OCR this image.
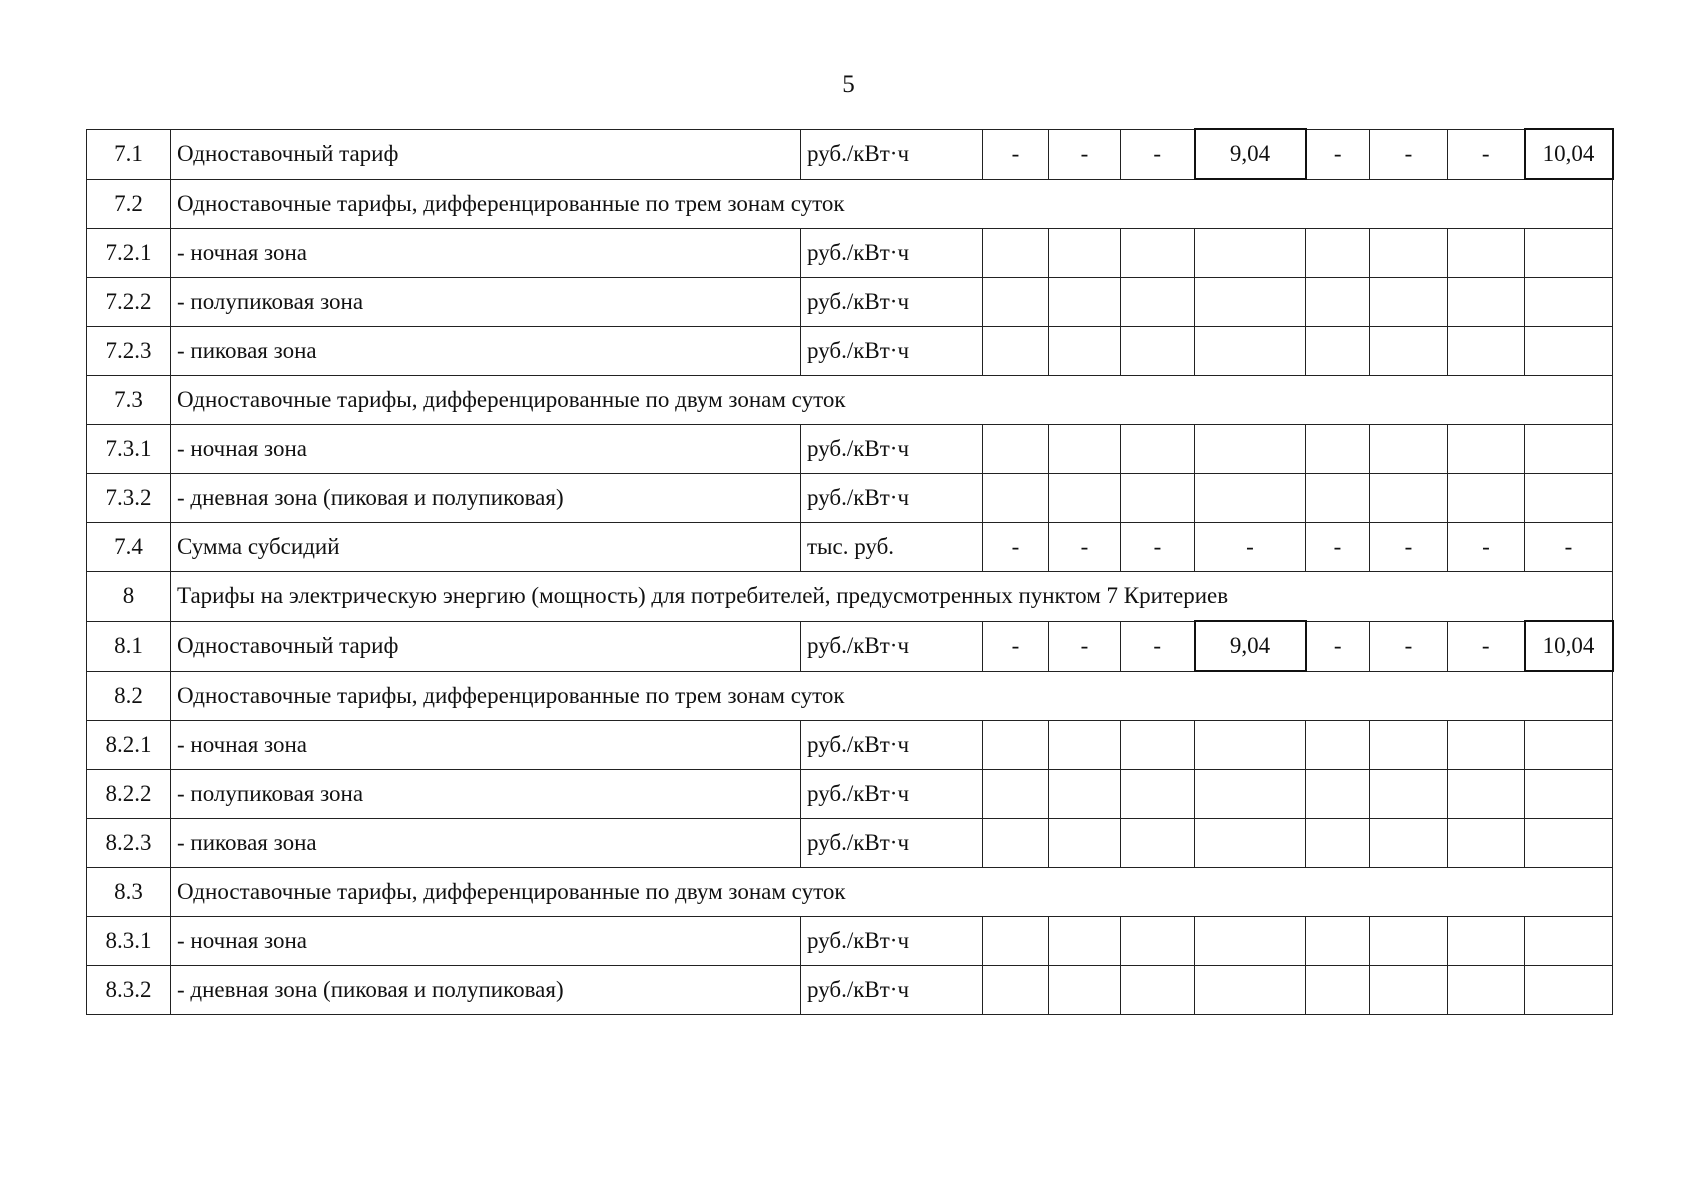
5
7.1	Одноставочный тариф	руб./кВт·ч	-	-	-	9,04	-	-	-	10,04
7.2	Одноставочные тарифы, дифференцированные по трем зонам суток									
7.2.1	- ночная зона	руб./кВт·ч								
7.2.2	- полупиковая зона	руб./кВт·ч								
7.2.3	- пиковая зона	руб./кВт·ч								
7.3	Одноставочные тарифы, дифференцированные по двум зонам суток									
7.3.1	- ночная зона	руб./кВт·ч								
7.3.2	- дневная зона (пиковая и полупиковая)	руб./кВт·ч								
7.4	Сумма субсидий	тыс. руб.	-	-	-	-	-	-	-	-
8	Тарифы на электрическую энергию (мощность) для потребителей, предусмотренных пунктом 7 Критериев									
8.1	Одноставочный тариф	руб./кВт·ч	-	-	-	9,04	-	-	-	10,04
8.2	Одноставочные тарифы, дифференцированные по трем зонам суток									
8.2.1	- ночная зона	руб./кВт·ч								
8.2.2	- полупиковая зона	руб./кВт·ч								
8.2.3	- пиковая зона	руб./кВт·ч								
8.3	Одноставочные тарифы, дифференцированные по двум зонам суток									
8.3.1	- ночная зона	руб./кВт·ч								
8.3.2	- дневная зона (пиковая и полупиковая)	руб./кВт·ч								
